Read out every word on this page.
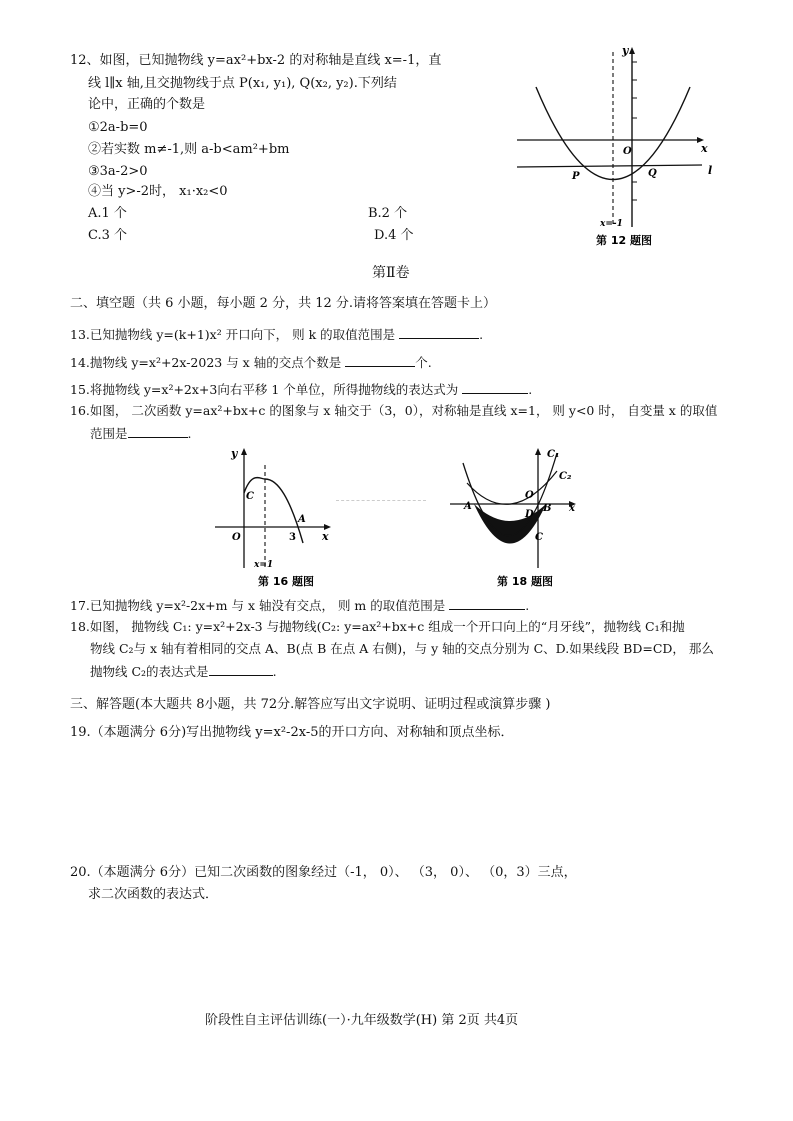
12、如图，已知抛物线 y=ax²+bx-2 的对称轴是直线 x=-1，直
线 l∥x 轴,且交抛物线于点 P(x₁, y₁), Q(x₂, y₂).下列结
论中，正确的个数是
①2a-b=0
②若实数 m≠-1,则 a-b<am²+bm
③3a-2>0
④当 y>-2时， x₁·x₂<0
A.1 个	B.2 个
C.3 个	D.4 个
y
x
O
P	Q	l
x=-1
第 12 题图
第Ⅱ卷
二、填空题（共 6 小题，每小题 2 分，共 12 分.请将答案填在答题卡上）
13.已知抛物线 y=(k+1)x² 开口向下， 则 k 的取值范围是	.
14.抛物线 y=x²+2x-2023 与 x 轴的交点个数是	个.
15.将抛物线 y=x²+2x+3向右平移 1 个单位，所得抛物线的表达式为	.
16.如图， 二次函数 y=ax²+bx+c 的图象与 x 轴交于（3，0），对称轴是直线 x=1， 则 y<0 时， 自变量 x 的取值
范围是	.
y
x
O
C
A
3
x=1
第 16 题图
C₁
C₂
O
A	B
D
C
x
第 18 题图
17.已知抛物线 y=x²-2x+m 与 x 轴没有交点， 则 m 的取值范围是	.
18.如图， 抛物线 C₁: y=x²+2x-3 与抛物线(C₂: y=ax²+bx+c 组成一个开口向上的“月牙线”，抛物线 C₁和抛
物线 C₂与 x 轴有着相同的交点 A、B(点 B 在点 A 右侧)，与 y 轴的交点分别为 C、D.如果线段 BD=CD， 那么
抛物线 C₂的表达式是	.
三、解答题(本大题共 8小题，共 72分.解答应写出文字说明、证明过程或演算步骤 )
19.（本题满分 6分)写出抛物线 y=x²-2x-5的开口方向、对称轴和顶点坐标．
20.（本题满分 6分）已知二次函数的图象经过（-1， 0）、 （3， 0）、 （0，3）三点，
求二次函数的表达式．
阶段性自主评估训练(一）·九年级数学(H) 第 2页 共4页
